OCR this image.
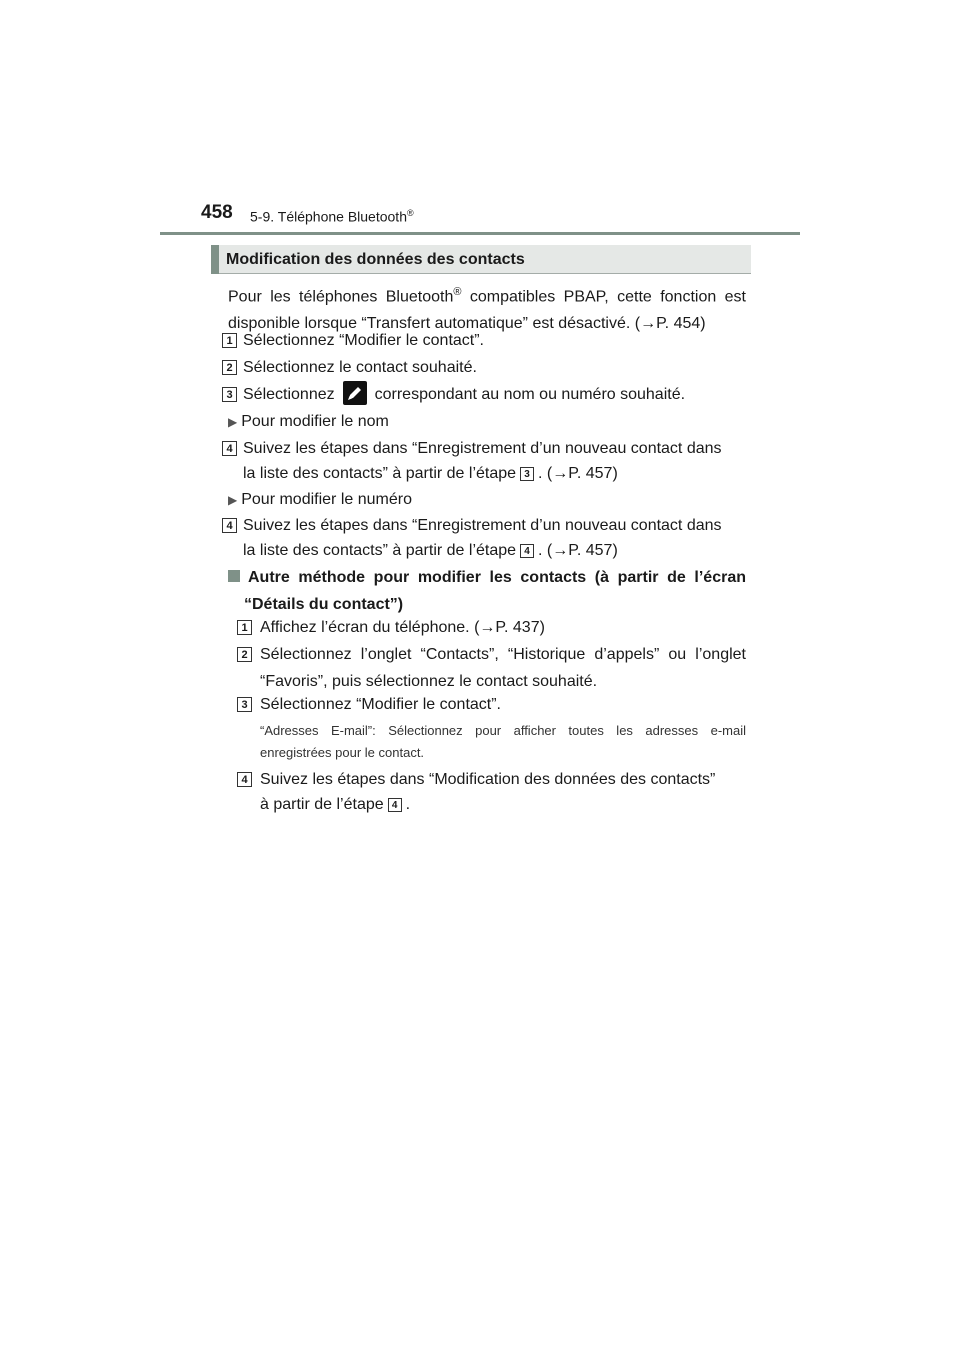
458 5-9. Téléphone Bluetooth®
Modification des données des contacts
Pour les téléphones Bluetooth® compatibles PBAP, cette fonction est disponible lorsque “Transfert automatique” est désactivé. (→P. 454)
1 Sélectionnez “Modifier le contact”.
2 Sélectionnez le contact souhaité.
3 Sélectionnez	correspondant au nom ou numéro souhaité.
▶ Pour modifier le nom
4 Suivez les étapes dans “Enregistrement d’un nouveau contact dans
la liste des contacts” à partir de l’étape 3 . (→P. 457)
▶ Pour modifier le numéro
4 Suivez les étapes dans “Enregistrement d’un nouveau contact dans
la liste des contacts” à partir de l’étape 4 . (→P. 457)
Autre méthode pour modifier les contacts (à partir de l’écran “Détails du contact”)
1 Affichez l’écran du téléphone. (→P. 437)
2 Sélectionnez l’onglet “Contacts”, “Historique d’appels” ou l’onglet “Favoris”, puis sélectionnez le contact souhaité.
3 Sélectionnez “Modifier le contact”.
“Adresses E-mail”: Sélectionnez pour afficher toutes les adresses e-mail enregistrées pour le contact.
4 Suivez les étapes dans “Modification des données des contacts”
à partir de l’étape 4 .
